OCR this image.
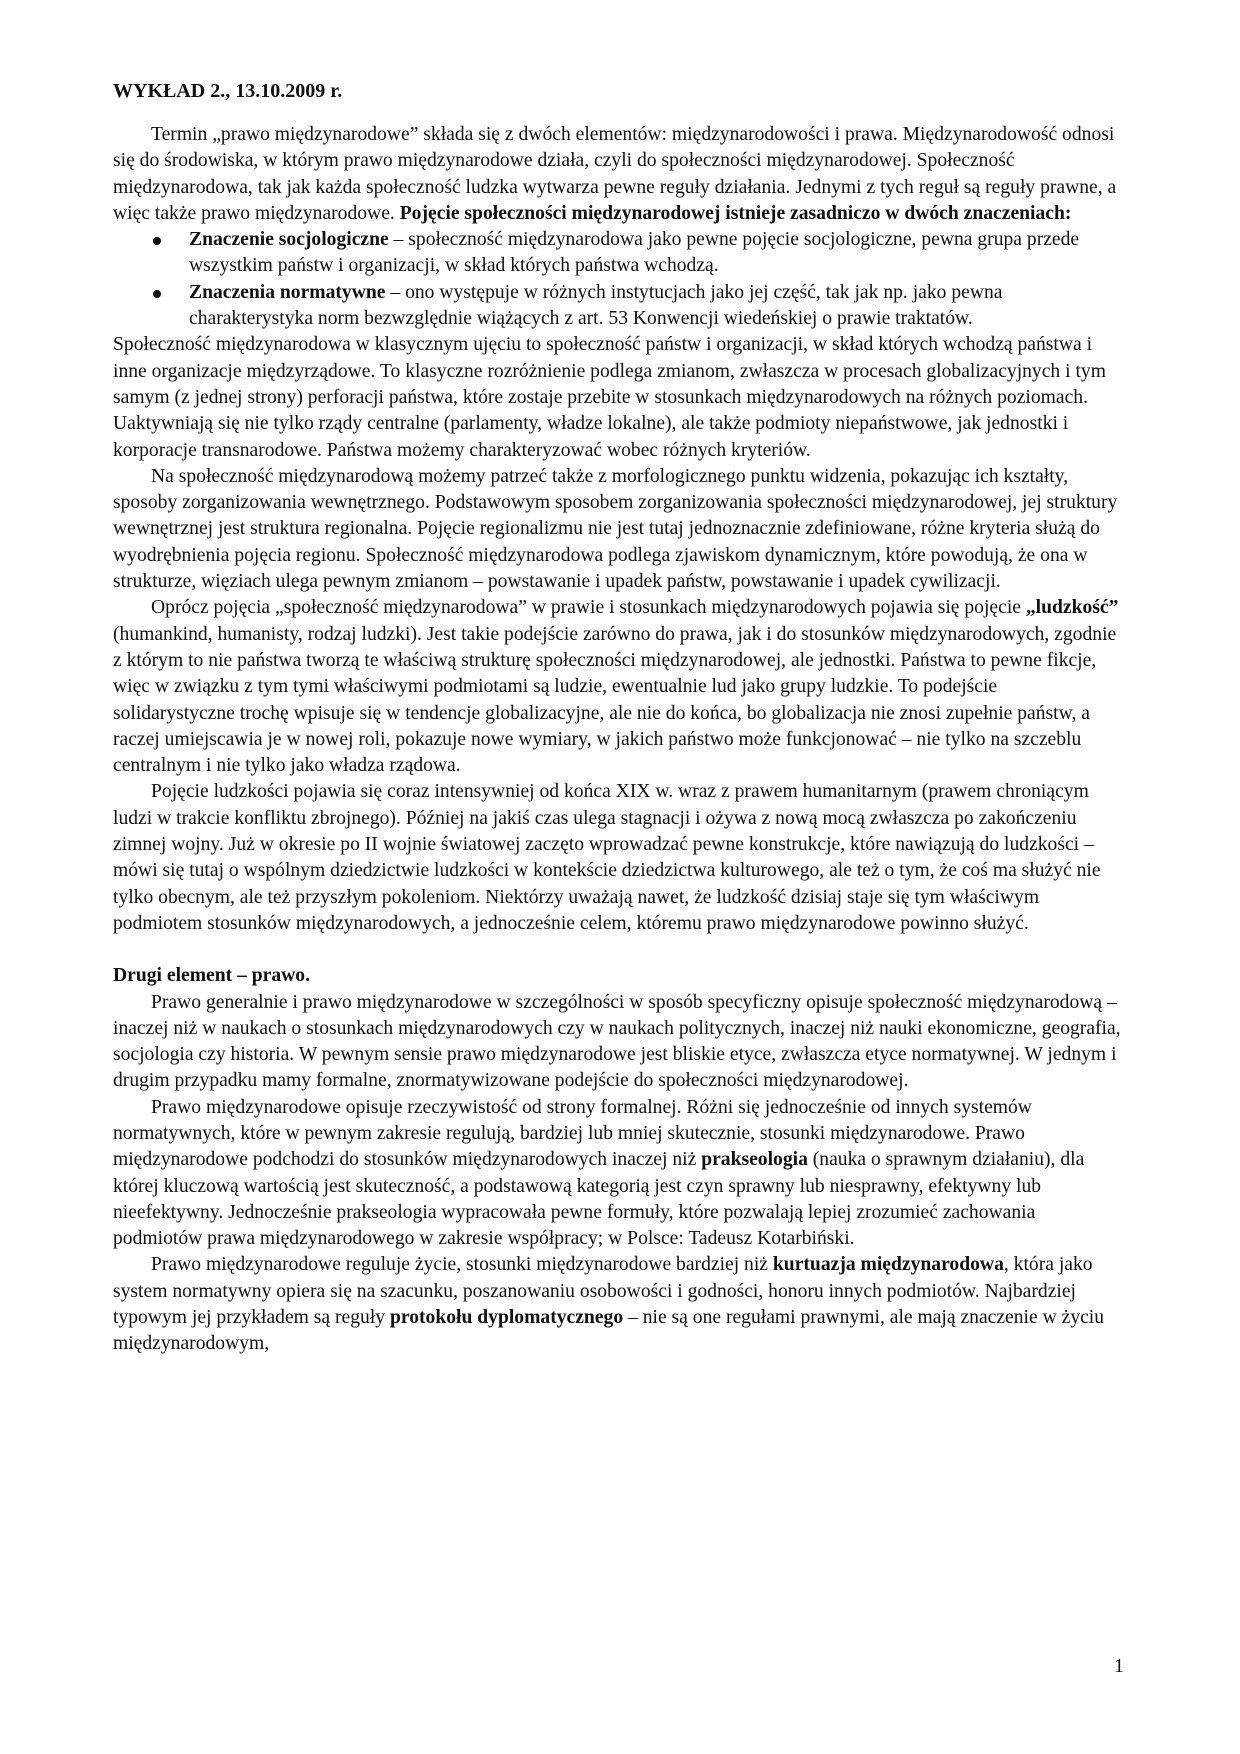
WYKŁAD 2., 13.10.2009 r.

Termin „prawo międzynarodowe” składa się z dwóch elementów: międzynarodowości i prawa. Międzynarodowość odnosi się do środowiska, w którym prawo międzynarodowe działa, czyli do społeczności międzynarodowej. Społeczność międzynarodowa, tak jak każda społeczność ludzka wytwarza pewne reguły działania. Jednymi z tych reguł są reguły prawne, a więc także prawo międzynarodowe. Pojęcie społeczności międzynarodowej istnieje zasadniczo w dwóch znaczeniach:

Znaczenie socjologiczne – społeczność międzynarodowa jako pewne pojęcie socjologiczne, pewna grupa przede wszystkim państw i organizacji, w skład których państwa wchodzą.
Znaczenia normatywne – ono występuje w różnych instytucjach jako jej część, tak jak np. jako pewna charakterystyka norm bezwzględnie wiążących z art. 53 Konwencji wiedeńskiej o prawie traktatów.

Społeczność międzynarodowa w klasycznym ujęciu to społeczność państw i organizacji, w skład których wchodzą państwa i inne organizacje międzyrządowe. To klasyczne rozróżnienie podlega zmianom, zwłaszcza w procesach globalizacyjnych i tym samym (z jednej strony) perforacji państwa, które zostaje przebite w stosunkach międzynarodowych na różnych poziomach. Uaktywniają się nie tylko rządy centralne (parlamenty, władze lokalne), ale także podmioty niepaństwowe, jak jednostki i korporacje transnarodowe. Państwa możemy charakteryzować wobec różnych kryteriów.

Na społeczność międzynarodową możemy patrzeć także z morfologicznego punktu widzenia, pokazując ich kształty, sposoby zorganizowania wewnętrznego. Podstawowym sposobem zorganizowania społeczności międzynarodowej, jej struktury wewnętrznej jest struktura regionalna. Pojęcie regionalizmu nie jest tutaj jednoznacznie zdefiniowane, różne kryteria służą do wyodrębnienia pojęcia regionu. Społeczność międzynarodowa podlega zjawiskom dynamicznym, które powodują, że ona w strukturze, więziach ulega pewnym zmianom – powstawanie i upadek państw, powstawanie i upadek cywilizacji.

Oprócz pojęcia „społeczność międzynarodowa” w prawie i stosunkach międzynarodowych pojawia się pojęcie „ludzkość” (humankind, humanisty, rodzaj ludzki). Jest takie podejście zarówno do prawa, jak i do stosunków międzynarodowych, zgodnie z którym to nie państwa tworzą te właściwą strukturę społeczności międzynarodowej, ale jednostki. Państwa to pewne fikcje, więc w związku z tym tymi właściwymi podmiotami są ludzie, ewentualnie lud jako grupy ludzkie. To podejście solidarystyczne trochę wpisuje się w tendencje globalizacyjne, ale nie do końca, bo globalizacja nie znosi zupełnie państw, a raczej umiejscawia je w nowej roli, pokazuje nowe wymiary, w jakich państwo może funkcjonować – nie tylko na szczeblu centralnym i nie tylko jako władza rządowa.

Pojęcie ludzkości pojawia się coraz intensywniej od końca XIX w. wraz z prawem humanitarnym (prawem chroniącym ludzi w trakcie konfliktu zbrojnego). Później na jakiś czas ulega stagnacji i ożywa z nową mocą zwłaszcza po zakończeniu zimnej wojny. Już w okresie po II wojnie światowej zaczęto wprowadzać pewne konstrukcje, które nawiązują do ludzkości – mówi się tutaj o wspólnym dziedzictwie ludzkości w kontekście dziedzictwa kulturowego, ale też o tym, że coś ma służyć nie tylko obecnym, ale też przyszłym pokoleniom. Niektórzy uważają nawet, że ludzkość dzisiaj staje się tym właściwym podmiotem stosunków międzynarodowych, a jednocześnie celem, któremu prawo międzynarodowe powinno służyć.

Drugi element – prawo.

Prawo generalnie i prawo międzynarodowe w szczególności w sposób specyficzny opisuje społeczność międzynarodową – inaczej niż w naukach o stosunkach międzynarodowych czy w naukach politycznych, inaczej niż nauki ekonomiczne, geografia, socjologia czy historia. W pewnym sensie prawo międzynarodowe jest bliskie etyce, zwłaszcza etyce normatywnej. W jednym i drugim przypadku mamy formalne, znormatywizowane podejście do społeczności międzynarodowej.

Prawo międzynarodowe opisuje rzeczywistość od strony formalnej. Różni się jednocześnie od innych systemów normatywnych, które w pewnym zakresie regulują, bardziej lub mniej skutecznie, stosunki międzynarodowe. Prawo międzynarodowe podchodzi do stosunków międzynarodowych inaczej niż prakseologia (nauka o sprawnym działaniu), dla której kluczową wartością jest skuteczność, a podstawową kategorią jest czyn sprawny lub niesprawny, efektywny lub nieefektywny. Jednocześnie prakseologia wypracowała pewne formuły, które pozwalają lepiej zrozumieć zachowania podmiotów prawa międzynarodowego w zakresie współpracy; w Polsce: Tadeusz Kotarbiński.

Prawo międzynarodowe reguluje życie, stosunki międzynarodowe bardziej niż kurtuazja międzynarodowa, która jako system normatywny opiera się na szacunku, poszanowaniu osobowości i godności, honoru innych podmiotów. Najbardziej typowym jej przykładem są reguły protokołu dyplomatycznego – nie są one regułami prawnymi, ale mają znaczenie w życiu międzynarodowym,

1
